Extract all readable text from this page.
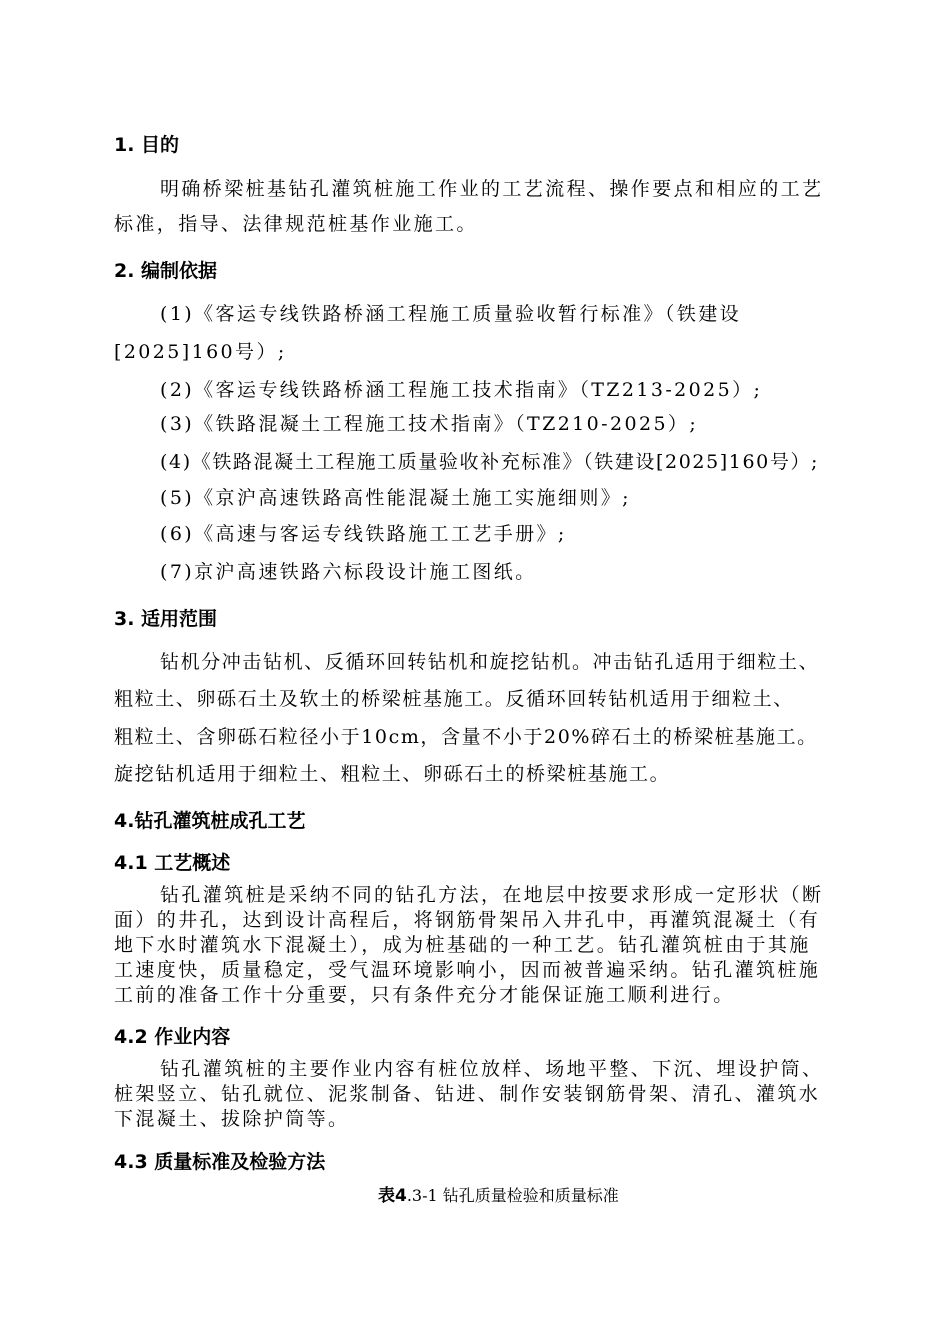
1. 目的
明确桥梁桩基钻孔灌筑桩施工作业的工艺流程、操作要点和相应的工艺
标准，指导、法律规范桩基作业施工。
2. 编制依据
(1)《客运专线铁路桥涵工程施工质量验收暂行标准》（铁建设
[2025]160号）;
(2)《客运专线铁路桥涵工程施工技术指南》（TZ213-2025）;
(3)《铁路混凝土工程施工技术指南》（TZ210-2025）;
(4)《铁路混凝土工程施工质量验收补充标准》（铁建设[2025]160号）;
(5)《京沪高速铁路高性能混凝土施工实施细则》;
(6)《高速与客运专线铁路施工工艺手册》;
(7)京沪高速铁路六标段设计施工图纸。
3. 适用范围
钻机分冲击钻机、反循环回转钻机和旋挖钻机。冲击钻孔适用于细粒土、
粗粒土、卵砾石土及软土的桥梁桩基施工。反循环回转钻机适用于细粒土、
粗粒土、含卵砾石粒径小于10cm，含量不小于20%碎石土的桥梁桩基施工。
旋挖钻机适用于细粒土、粗粒土、卵砾石土的桥梁桩基施工。
4.钻孔灌筑桩成孔工艺
4.1 工艺概述
钻孔灌筑桩是采纳不同的钻孔方法，在地层中按要求形成一定形状（断
面）的井孔，达到设计高程后，将钢筋骨架吊入井孔中，再灌筑混凝土（有
地下水时灌筑水下混凝土），成为桩基础的一种工艺。钻孔灌筑桩由于其施
工速度快，质量稳定，受气温环境影响小，因而被普遍采纳。钻孔灌筑桩施
工前的准备工作十分重要，只有条件充分才能保证施工顺利进行。
4.2 作业内容
钻孔灌筑桩的主要作业内容有桩位放样、场地平整、下沉、埋设护筒、
桩架竖立、钻孔就位、泥浆制备、钻进、制作安装钢筋骨架、清孔、灌筑水
下混凝土、拔除护筒等。
4.3 质量标准及检验方法
表4.3-1 钻孔质量检验和质量标准
